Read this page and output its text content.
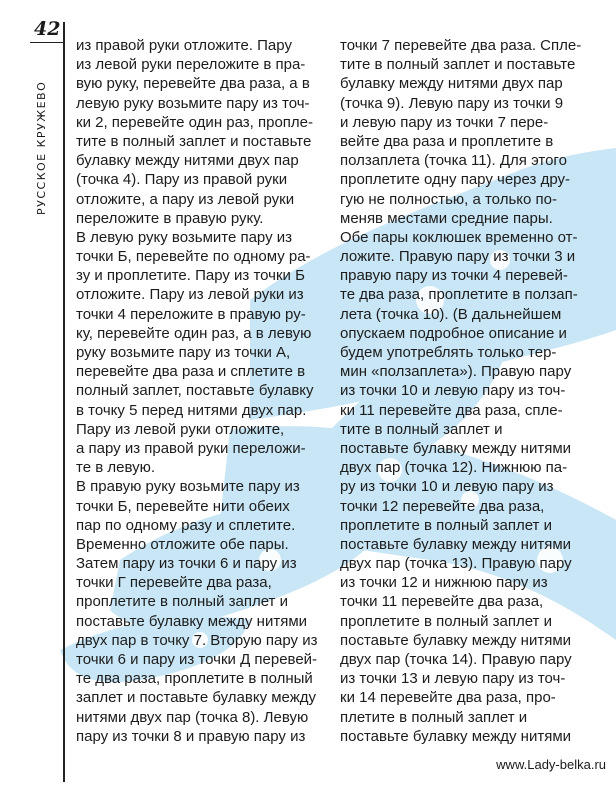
42
РУССКОЕ КРУЖЕВО
из правой руки отложите. Пару
из левой руки переложите в пра-
вую руку, перевейте два раза, а в
левую руку возьмите пару из точ-
ки 2, перевейте один раз, пропле-
тите в полный заплет и поставьте
булавку между нитями двух пар
(точка 4). Пару из правой руки
отложите, а пару из левой руки
переложите в правую руку.
В левую руку возьмите пару из
точки Б, перевейте по одному ра-
зу и проплетите. Пару из точки Б
отложите. Пару из левой руки из
точки 4 переложите в правую ру-
ку, перевейте один раз, а в левую
руку возьмите пару из точки А,
перевейте два раза и сплетите в
полный заплет, поставьте булавку
в точку 5 перед нитями двух пар.
Пару из левой руки отложите,
а пару из правой руки переложи-
те в левую.
В правую руку возьмите пару из
точки Б, перевейте нити обеих
пар по одному разу и сплетите.
Временно отложите обе пары.
Затем пару из точки 6 и пару из
точки Г перевейте два раза,
проплетите в полный заплет и
поставьте булавку между нитями
двух пар в точку 7. Вторую пару из
точки 6 и пару из точки Д перевей-
те два раза, проплетите в полный
заплет и поставьте булавку между
нитями двух пар (точка 8). Левую
пару из точки 8 и правую пару из
точки 7 перевейте два раза. Спле-
тите в полный заплет и поставьте
булавку между нитями двух пар
(точка 9). Левую пару из точки 9
и левую пару из точки 7 пере-
вейте два раза и проплетите в
ползаплета (точка 11). Для этого
проплетите одну пару через дру-
гую не полностью, а только по-
меняв местами средние пары.
Обе пары коклюшек временно от-
ложите. Правую пару из точки 3 и
правую пару из точки 4 перевей-
те два раза, проплетите в ползап-
лета (точка 10). (В дальнейшем
опускаем подробное описание и
будем употреблять только тер-
мин «ползаплета»). Правую пару
из точки 10 и левую пару из точ-
ки 11 перевейте два раза, спле-
тите в полный заплет и
поставьте булавку между нитями
двух пар (точка 12). Нижнюю па-
ру из точки 10 и левую пару из
точки 12 перевейте два раза,
проплетите в полный заплет и
поставьте булавку между нитями
двух пар (точка 13). Правую пару
из точки 12 и нижнюю пару из
точки 11 перевейте два раза,
проплетите в полный заплет и
поставьте булавку между нитями
двух пар (точка 14). Правую пару
из точки 13 и левую пару из точ-
ки 14 перевейте два раза, про-
плетите в полный заплет и
поставьте булавку между нитями
www.Lady-belka.ru
